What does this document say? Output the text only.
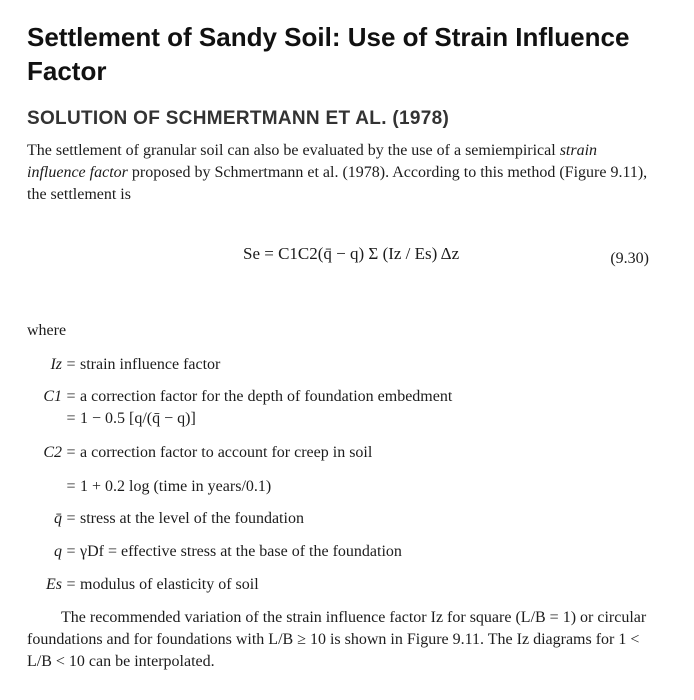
Settlement of Sandy Soil: Use of Strain Influence Factor
SOLUTION OF SCHMERTMANN ET AL. (1978)
The settlement of granular soil can also be evaluated by the use of a semiempirical strain influence factor proposed by Schmertmann et al. (1978). According to this method (Figure 9.11), the settlement is
Se = C1C2(q̄ − q) Σ (Iz / Es) Δz	(9.30)
where
Iz=strain influence factor
C1=a correction factor for the depth of foundation embedment
=1 − 0.5 [q/(q̄ − q)]
C2=a correction factor to account for creep in soil
=1 + 0.2 log (time in years/0.1)
q̄=stress at the level of the foundation
q=γDf = effective stress at the base of the foundation
Es=modulus of elasticity of soil
The recommended variation of the strain influence factor Iz for square (L/B = 1) or circular foundations and for foundations with L/B ≥ 10 is shown in Figure 9.11. The Iz diagrams for 1 < L/B < 10 can be interpolated.
